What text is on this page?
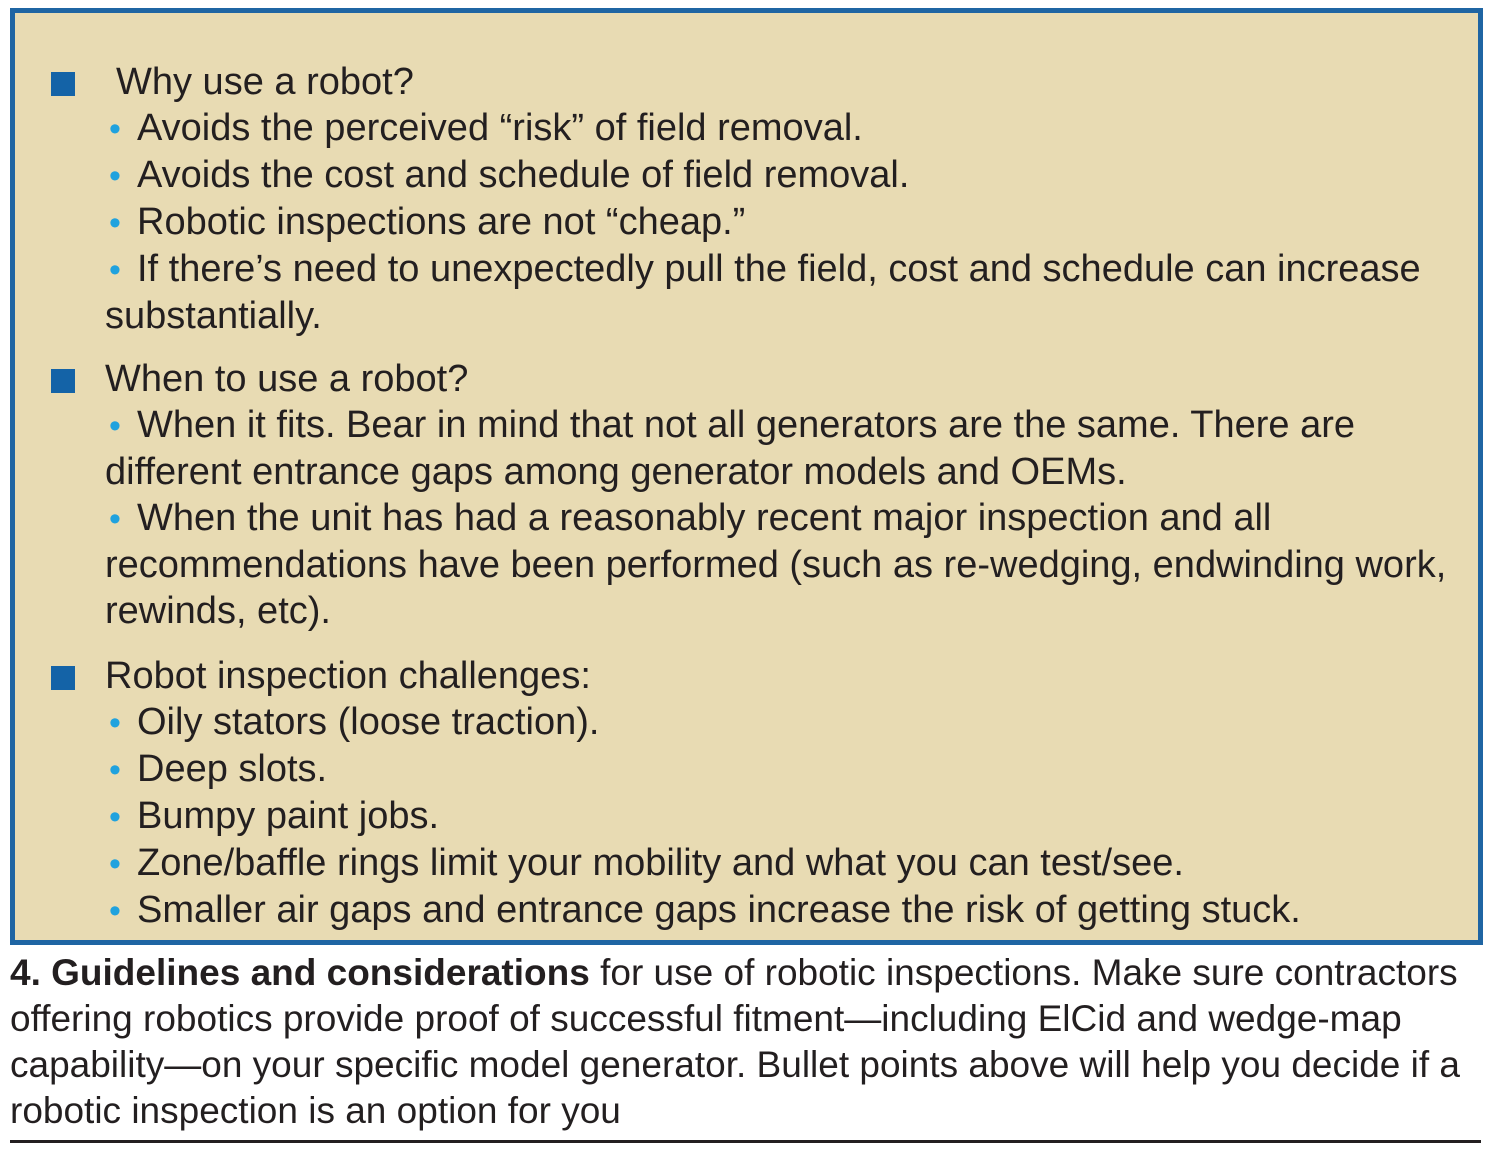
Why use a robot?
• Avoids the perceived “risk” of field removal.
• Avoids the cost and schedule of field removal.
• Robotic inspections are not “cheap.”
• If there’s need to unexpectedly pull the field, cost and schedule can increase substantially.
When to use a robot?
• When it fits. Bear in mind that not all generators are the same. There are different entrance gaps among generator models and OEMs.
• When the unit has had a reasonably recent major inspection and all recommendations have been performed (such as re-wedging, endwinding work, rewinds, etc).
Robot inspection challenges:
• Oily stators (loose traction).
• Deep slots.
• Bumpy paint jobs.
• Zone/baffle rings limit your mobility and what you can test/see.
• Smaller air gaps and entrance gaps increase the risk of getting stuck.
4. Guidelines and considerations for use of robotic inspections. Make sure contractors offering robotics provide proof of successful fitment—including ElCid and wedge-map capability—on your specific model generator. Bullet points above will help you decide if a robotic inspection is an option for you
